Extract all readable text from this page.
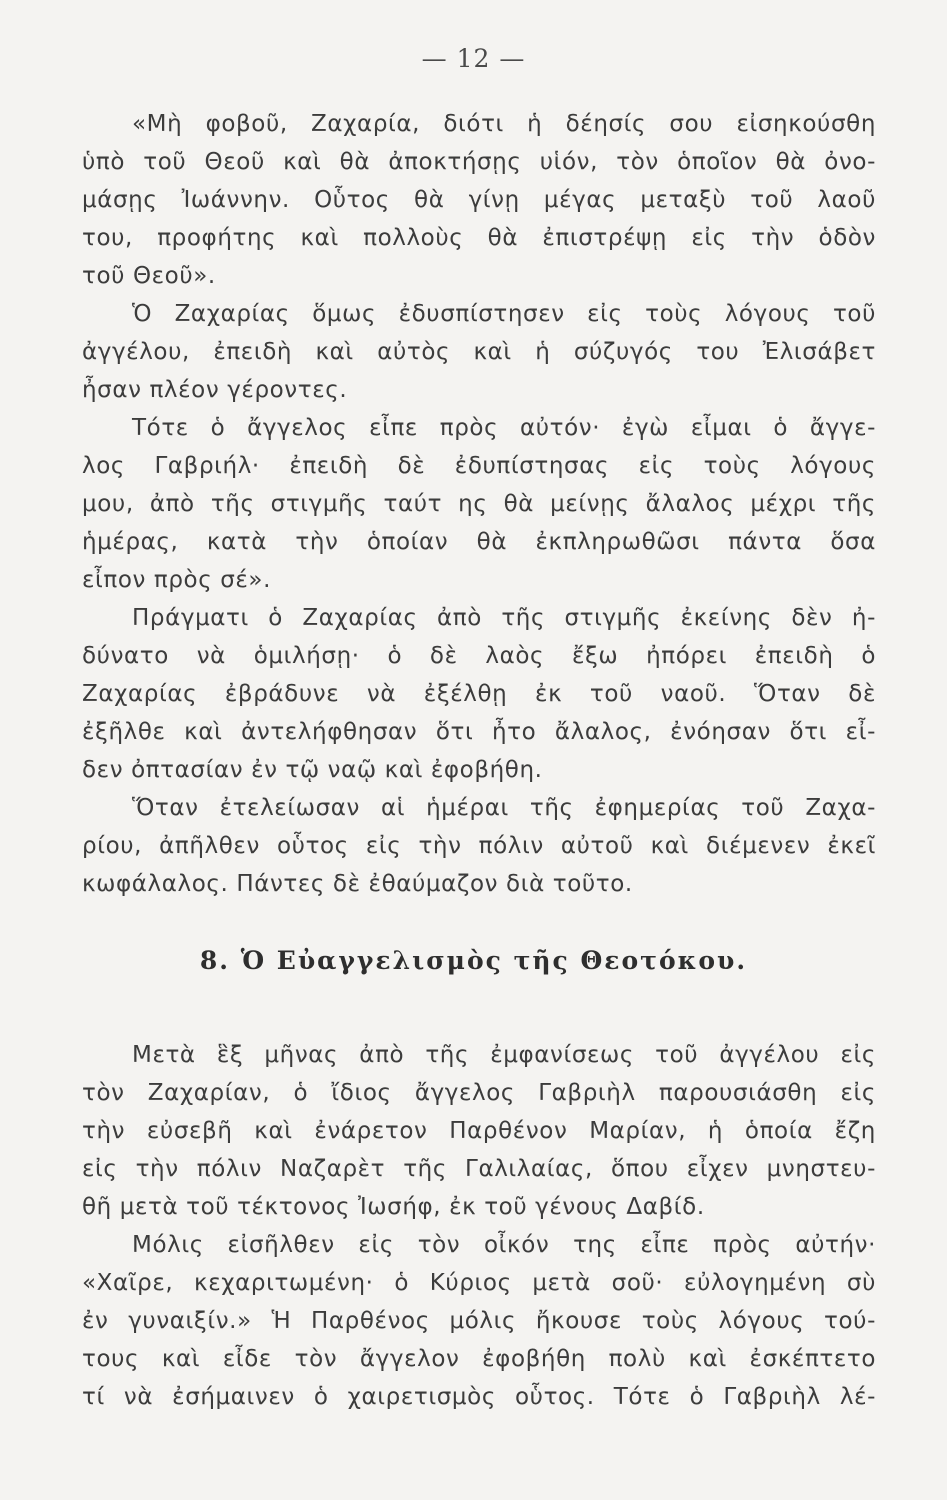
— 12 —
«Μὴ φοβοῦ, Ζαχαρία, διότι ἡ δέησίς σου εἰσηκούσθη
ὑπὸ τοῦ Θεοῦ καὶ θὰ ἀποκτήσῃς υἱόν, τὸν ὁποῖον θὰ ὀνο-
μάσῃς Ἰωάννην. Οὗτος θὰ γίνῃ μέγας μεταξὺ τοῦ λαοῦ
του, προφήτης καὶ πολλοὺς θὰ ἐπιστρέψῃ εἰς τὴν ὁδὸν
τοῦ Θεοῦ».
Ὁ Ζαχαρίας ὅμως ἐδυσπίστησεν εἰς τοὺς λόγους τοῦ
ἀγγέλου, ἐπειδὴ καὶ αὐτὸς καὶ ἡ σύζυγός του Ἐλισάβετ
ἦσαν πλέον γέροντες.
Τότε ὁ ἄγγελος εἶπε πρὸς αὐτόν· ἐγὼ εἶμαι ὁ ἄγγε-
λος Γαβριήλ· ἐπειδὴ δὲ ἐδυπίστησας εἰς τοὺς λόγους
μου, ἀπὸ τῆς στιγμῆς ταύτ ης θὰ μείνῃς ἄλαλος μέχρι τῆς
ἡμέρας, κατὰ τὴν ὁποίαν θὰ ἐκπληρωθῶσι πάντα ὅσα
εἶπον πρὸς σέ».
Πράγματι ὁ Ζαχαρίας ἀπὸ τῆς στιγμῆς ἐκείνης δὲν ἠ-
δύνατο νὰ ὁμιλήσῃ· ὁ δὲ λαὸς ἔξω ἠπόρει ἐπειδὴ ὁ
Ζαχαρίας ἐβράδυνε νὰ ἐξέλθῃ ἐκ τοῦ ναοῦ. Ὅταν δὲ
ἐξῆλθε καὶ ἀντελήφθησαν ὅτι ἦτο ἄλαλος, ἐνόησαν ὅτι εἶ-
δεν ὀπτασίαν ἐν τῷ ναῷ καὶ ἐφοβήθη.
Ὅταν ἐτελείωσαν αἱ ἡμέραι τῆς ἐφημερίας τοῦ Ζαχα-
ρίου, ἀπῆλθεν οὗτος εἰς τὴν πόλιν αὐτοῦ καὶ διέμενεν ἐκεῖ
κωφάλαλος. Πάντες δὲ ἐθαύμαζον διὰ τοῦτο.
8. Ὁ Εὐαγγελισμὸς τῆς Θεοτόκου.
Μετὰ ἓξ μῆνας ἀπὸ τῆς ἐμφανίσεως τοῦ ἀγγέλου εἰς
τὸν Ζαχαρίαν, ὁ ἴδιος ἄγγελος Γαβριὴλ παρουσιάσθη εἰς
τὴν εὐσεβῆ καὶ ἐνάρετον Παρθένον Μαρίαν, ἡ ὁποία ἔζη
εἰς τὴν πόλιν Ναζαρὲτ τῆς Γαλιλαίας, ὅπου εἶχεν μνηστευ-
θῆ μετὰ τοῦ τέκτονος Ἰωσήφ, ἐκ τοῦ γένους Δαβίδ.
Μόλις εἰσῆλθεν εἰς τὸν οἶκόν της εἶπε πρὸς αὐτήν·
«Χαῖρε, κεχαριτωμένη· ὁ Κύριος μετὰ σοῦ· εὐλογημένη σὺ
ἐν γυναιξίν.» Ἡ Παρθένος μόλις ἤκουσε τοὺς λόγους τού-
τους καὶ εἶδε τὸν ἄγγελον ἐφοβήθη πολὺ καὶ ἐσκέπτετο
τί νὰ ἐσήμαινεν ὁ χαιρετισμὸς οὗτος. Τότε ὁ Γαβριὴλ λέ-
